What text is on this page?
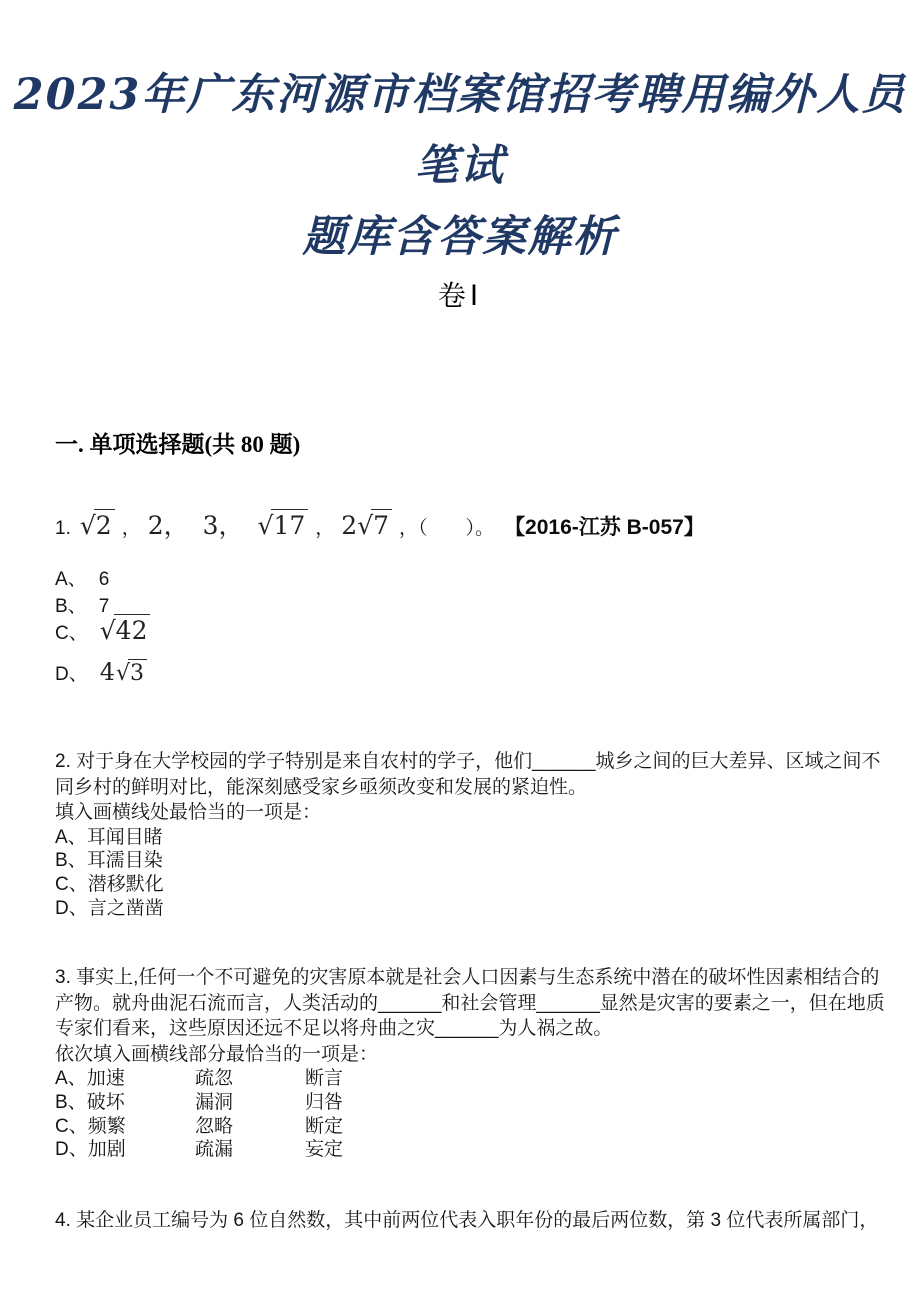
2023年广东河源市档案馆招考聘用编外人员笔试
题库含答案解析
卷Ⅰ
一. 单项选择题(共 80 题)
1. √ 2 ， 2， 3， √ 17 ， 2 √ 7 ，（　　）。 【2016-江苏 B-057】
A、 6
B、 7
C、 √ 42
D、 4 √ 3
2. 对于身在大学校园的学子特别是来自农村的学子，他们______城乡之间的巨大差异、区域之间不
同乡村的鲜明对比，能深刻感受家乡亟须改变和发展的紧迫性。
填入画横线处最恰当的一项是：
A、耳闻目睹
B、耳濡目染
C、潜移默化
D、言之凿凿
3. 事实上,任何一个不可避免的灾害原本就是社会人口因素与生态系统中潜在的破坏性因素相结合的
产物。就舟曲泥石流而言，人类活动的______和社会管理______显然是灾害的要素之一，但在地质
专家们看来，这些原因还远不足以将舟曲之灾______为人祸之故。
依次填入画横线部分最恰当的一项是：
A、加速	疏忽	断言
B、破坏	漏洞	归咎
C、频繁	忽略	断定
D、加剧	疏漏	妄定
4. 某企业员工编号为 6 位自然数，其中前两位代表入职年份的最后两位数，第 3 位代表所属部门，
